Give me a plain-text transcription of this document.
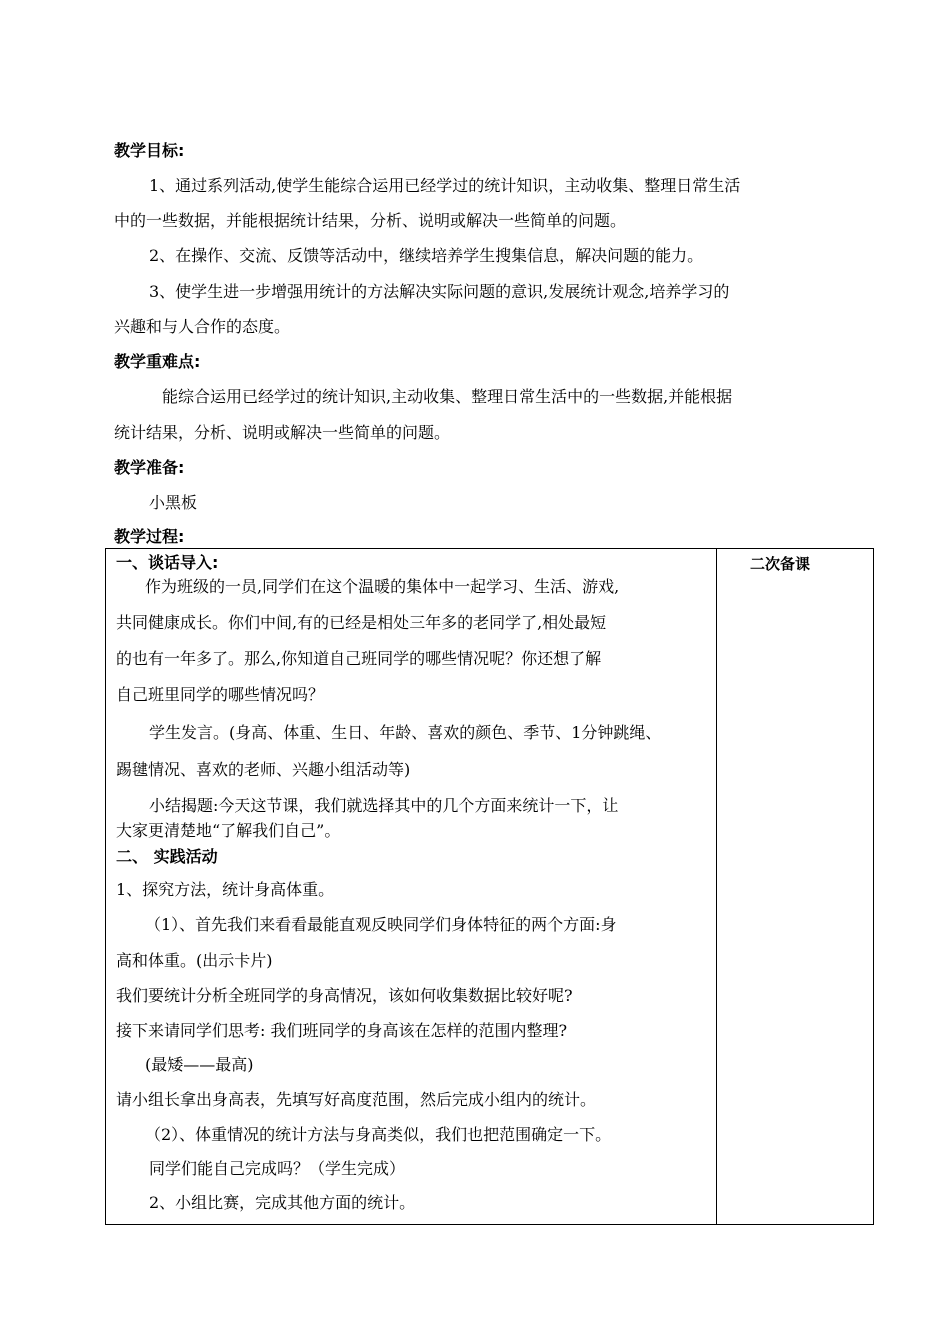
教学目标:
1、通过系列活动,使学生能综合运用已经学过的统计知识，主动收集、整理日常生活
中的一些数据，并能根据统计结果，分析、说明或解决一些简单的问题。
2、在操作、交流、反馈等活动中，继续培养学生搜集信息，解决问题的能力。
3、使学生进一步增强用统计的方法解决实际问题的意识,发展统计观念,培养学习的
兴趣和与人合作的态度。
教学重难点:
能综合运用已经学过的统计知识,主动收集、整理日常生活中的一些数据,并能根据
统计结果，分析、说明或解决一些简单的问题。
教学准备:
小黑板
教学过程:
二次备课
一、谈话导入:
作为班级的一员,同学们在这个温暖的集体中一起学习、生活、游戏,
共同健康成长。你们中间,有的已经是相处三年多的老同学了,相处最短
的也有一年多了。那么,你知道自己班同学的哪些情况呢？你还想了解
自己班里同学的哪些情况吗？
学生发言。(身高、体重、生日、年龄、喜欢的颜色、季节、1分钟跳绳、
踢毽情况、喜欢的老师、兴趣小组活动等)
小结揭题:今天这节课，我们就选择其中的几个方面来统计一下，让
大家更清楚地“了解我们自己”。
二、 实践活动
1、探究方法，统计身高体重。
（1）、首先我们来看看最能直观反映同学们身体特征的两个方面:身
高和体重。(出示卡片)
我们要统计分析全班同学的身高情况，该如何收集数据比较好呢?
接下来请同学们思考: 我们班同学的身高该在怎样的范围内整理?
(最矮——最高)
请小组长拿出身高表，先填写好高度范围，然后完成小组内的统计。
（2）、体重情况的统计方法与身高类似，我们也把范围确定一下。
同学们能自己完成吗？（学生完成）
2、小组比赛，完成其他方面的统计。
